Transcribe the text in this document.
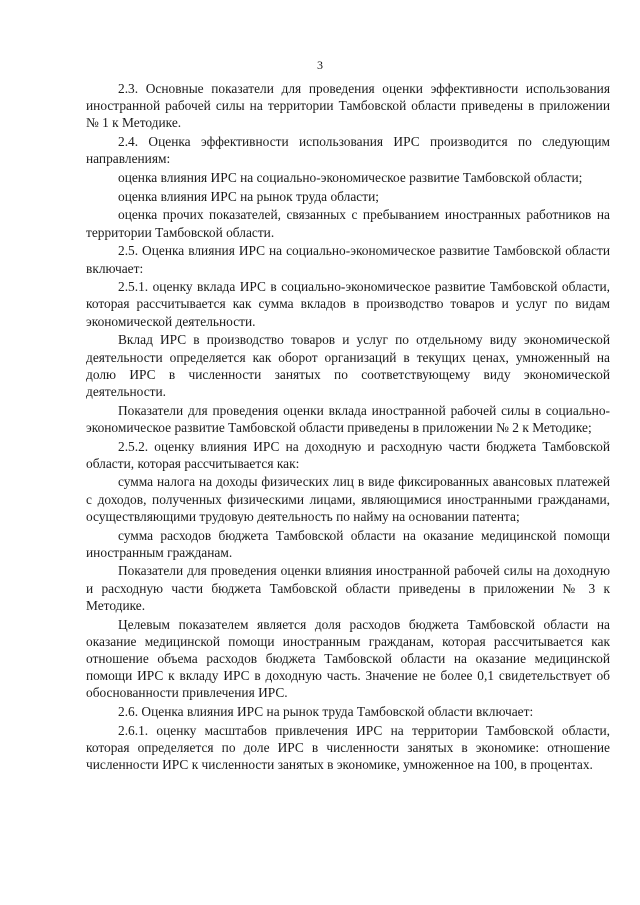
3

2.3. Основные показатели для проведения оценки эффективности использования иностранной рабочей силы на территории Тамбовской области приведены в приложении № 1 к Методике.

2.4. Оценка эффективности использования ИРС производится по следующим направлениям:

оценка влияния ИРС на социально-экономическое развитие Тамбовской области;

оценка влияния ИРС на рынок труда области;

оценка прочих показателей, связанных с пребыванием иностранных работников на территории Тамбовской области.

2.5. Оценка влияния ИРС на социально-экономическое развитие Тамбовской области включает:

2.5.1. оценку вклада ИРС в социально-экономическое развитие Тамбовской области, которая рассчитывается как сумма вкладов в производство товаров и услуг по видам экономической деятельности.

Вклад ИРС в производство товаров и услуг по отдельному виду экономической деятельности определяется как оборот организаций в текущих ценах, умноженный на долю ИРС в численности занятых по соответствующему виду экономической деятельности.

Показатели для проведения оценки вклада иностранной рабочей силы в социально-экономическое развитие Тамбовской области приведены в приложении № 2 к Методике;

2.5.2. оценку влияния ИРС на доходную и расходную части бюджета Тамбовской области, которая рассчитывается как:

сумма налога на доходы физических лиц в виде фиксированных авансовых платежей с доходов, полученных физическими лицами, являющимися иностранными гражданами, осуществляющими трудовую деятельность по найму на основании патента;

сумма расходов бюджета Тамбовской области на оказание медицинской помощи иностранным гражданам.

Показатели для проведения оценки влияния иностранной рабочей силы на доходную и расходную части бюджета Тамбовской области приведены в приложении № 3 к Методике.

Целевым показателем является доля расходов бюджета Тамбовской области на оказание медицинской помощи иностранным гражданам, которая рассчитывается как отношение объема расходов бюджета Тамбовской области на оказание медицинской помощи ИРС к вкладу ИРС в доходную часть. Значение не более 0,1 свидетельствует об обоснованности привлечения ИРС.

2.6. Оценка влияния ИРС на рынок труда Тамбовской области включает:

2.6.1. оценку масштабов привлечения ИРС на территории Тамбовской области, которая определяется по доле ИРС в численности занятых в экономике: отношение численности ИРС к численности занятых в экономике, умноженное на 100, в процентах.
